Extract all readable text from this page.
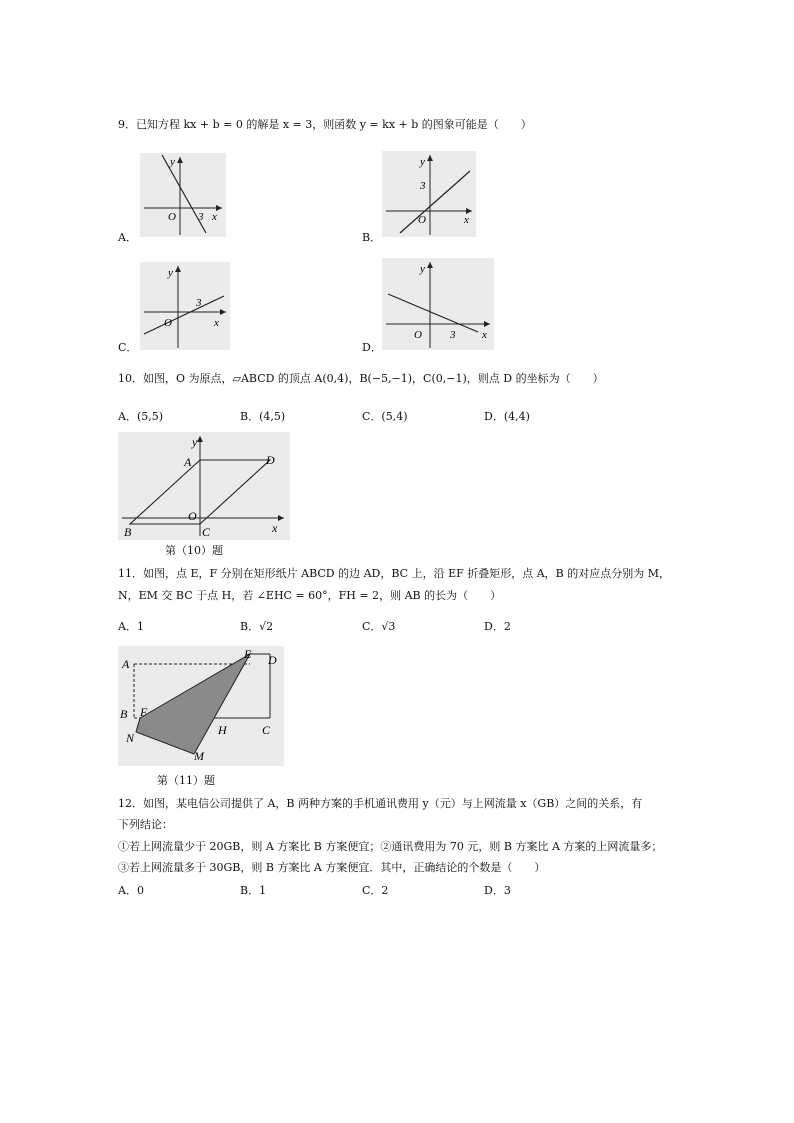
9．已知方程 kx + b = 0 的解是 x = 3，则函数 y = kx + b 的图象可能是（　　）
y
O 3 x
A．
y
3
O	x
B．
y
3
x
O
C．
y
O	3 x
D．
10．如图，O 为原点，▱ABCD 的顶点 A(0,4)，B(−5,−1)，C(0,−1)，则点 D 的坐标为（　　）
A．(5,5)	B．(4,5)	C．(5,4)	D．(4,4)
y
A	D
O
B	C	x
第（10）题
11．如图，点 E，F 分别在矩形纸片 ABCD 的边 AD，BC 上，沿 EF 折叠矩形，点 A，B 的对应点分别为 M，
N，EM 交 BC 于点 H，若 ∠EHC = 60°，FH = 2，则 AB 的长为（　　）
A．1	B．√2	C．√3	D．2
A
E D
B F
H	C
N
M
第（11）题
12．如图，某电信公司提供了 A，B 两种方案的手机通讯费用 y（元）与上网流量 x（GB）之间的关系，有
下列结论：
①若上网流量少于 20GB，则 A 方案比 B 方案便宜；②通讯费用为 70 元，则 B 方案比 A 方案的上网流量多；
③若上网流量多于 30GB，则 B 方案比 A 方案便宜．其中，正确结论的个数是（　　）
A．0	B．1	C．2	D．3
